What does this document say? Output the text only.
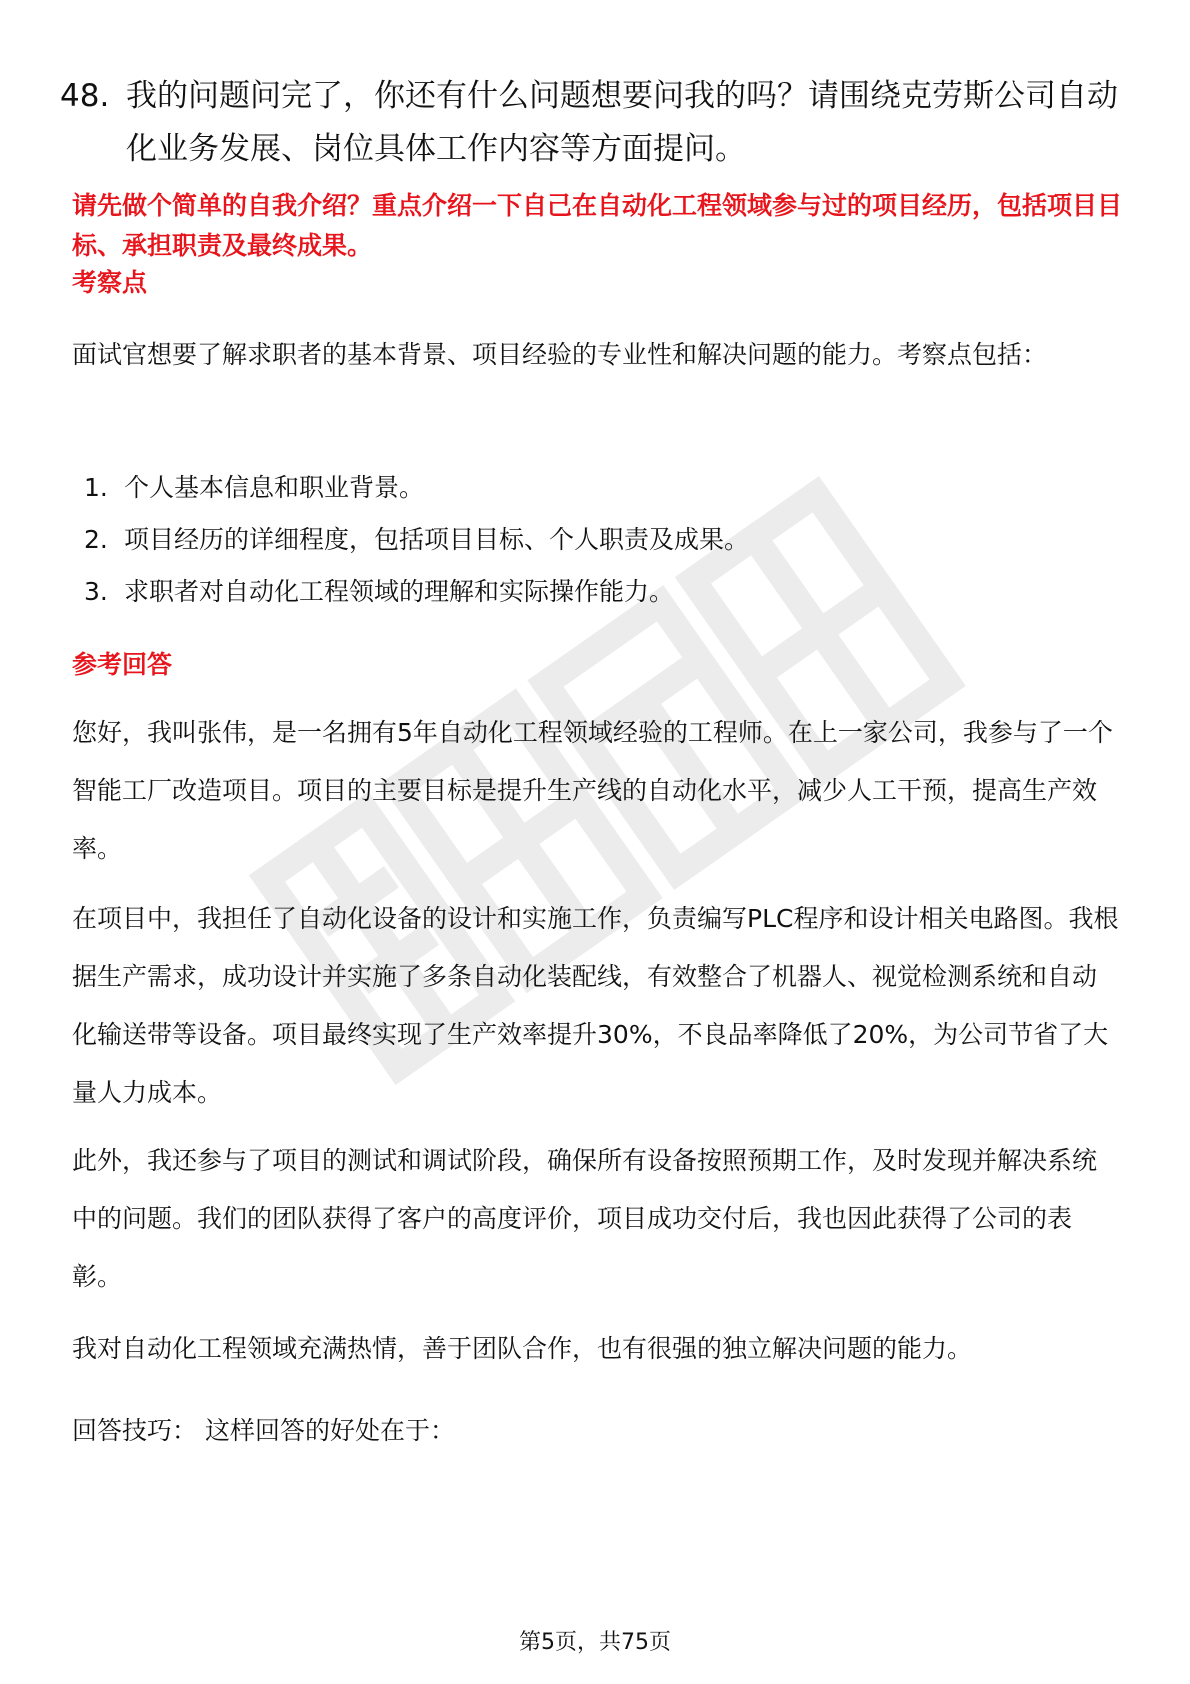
48. 我的问题问完了，你还有什么问题想要问我的吗？请围绕克劳斯公司自动化业务发展、岗位具体工作内容等方面提问。
请先做个简单的自我介绍？重点介绍一下自己在自动化工程领域参与过的项目经历，包括项目目标、承担职责及最终成果。
考察点
面试官想要了解求职者的基本背景、项目经验的专业性和解决问题的能力。考察点包括：
1. 个人基本信息和职业背景。
2. 项目经历的详细程度，包括项目目标、个人职责及成果。
3. 求职者对自动化工程领域的理解和实际操作能力。
参考回答
您好，我叫张伟，是一名拥有5年自动化工程领域经验的工程师。在上一家公司，我参与了一个智能工厂改造项目。项目的主要目标是提升生产线的自动化水平，减少人工干预，提高生产效率。
在项目中，我担任了自动化设备的设计和实施工作，负责编写PLC程序和设计相关电路图。我根据生产需求，成功设计并实施了多条自动化装配线，有效整合了机器人、视觉检测系统和自动化输送带等设备。项目最终实现了生产效率提升30%，不良品率降低了20%，为公司节省了大量人力成本。
此外，我还参与了项目的测试和调试阶段，确保所有设备按照预期工作，及时发现并解决系统中的问题。我们的团队获得了客户的高度评价，项目成功交付后，我也因此获得了公司的表彰。
我对自动化工程领域充满热情，善于团队合作，也有很强的独立解决问题的能力。
回答技巧： 这样回答的好处在于：
第5页，共75页
